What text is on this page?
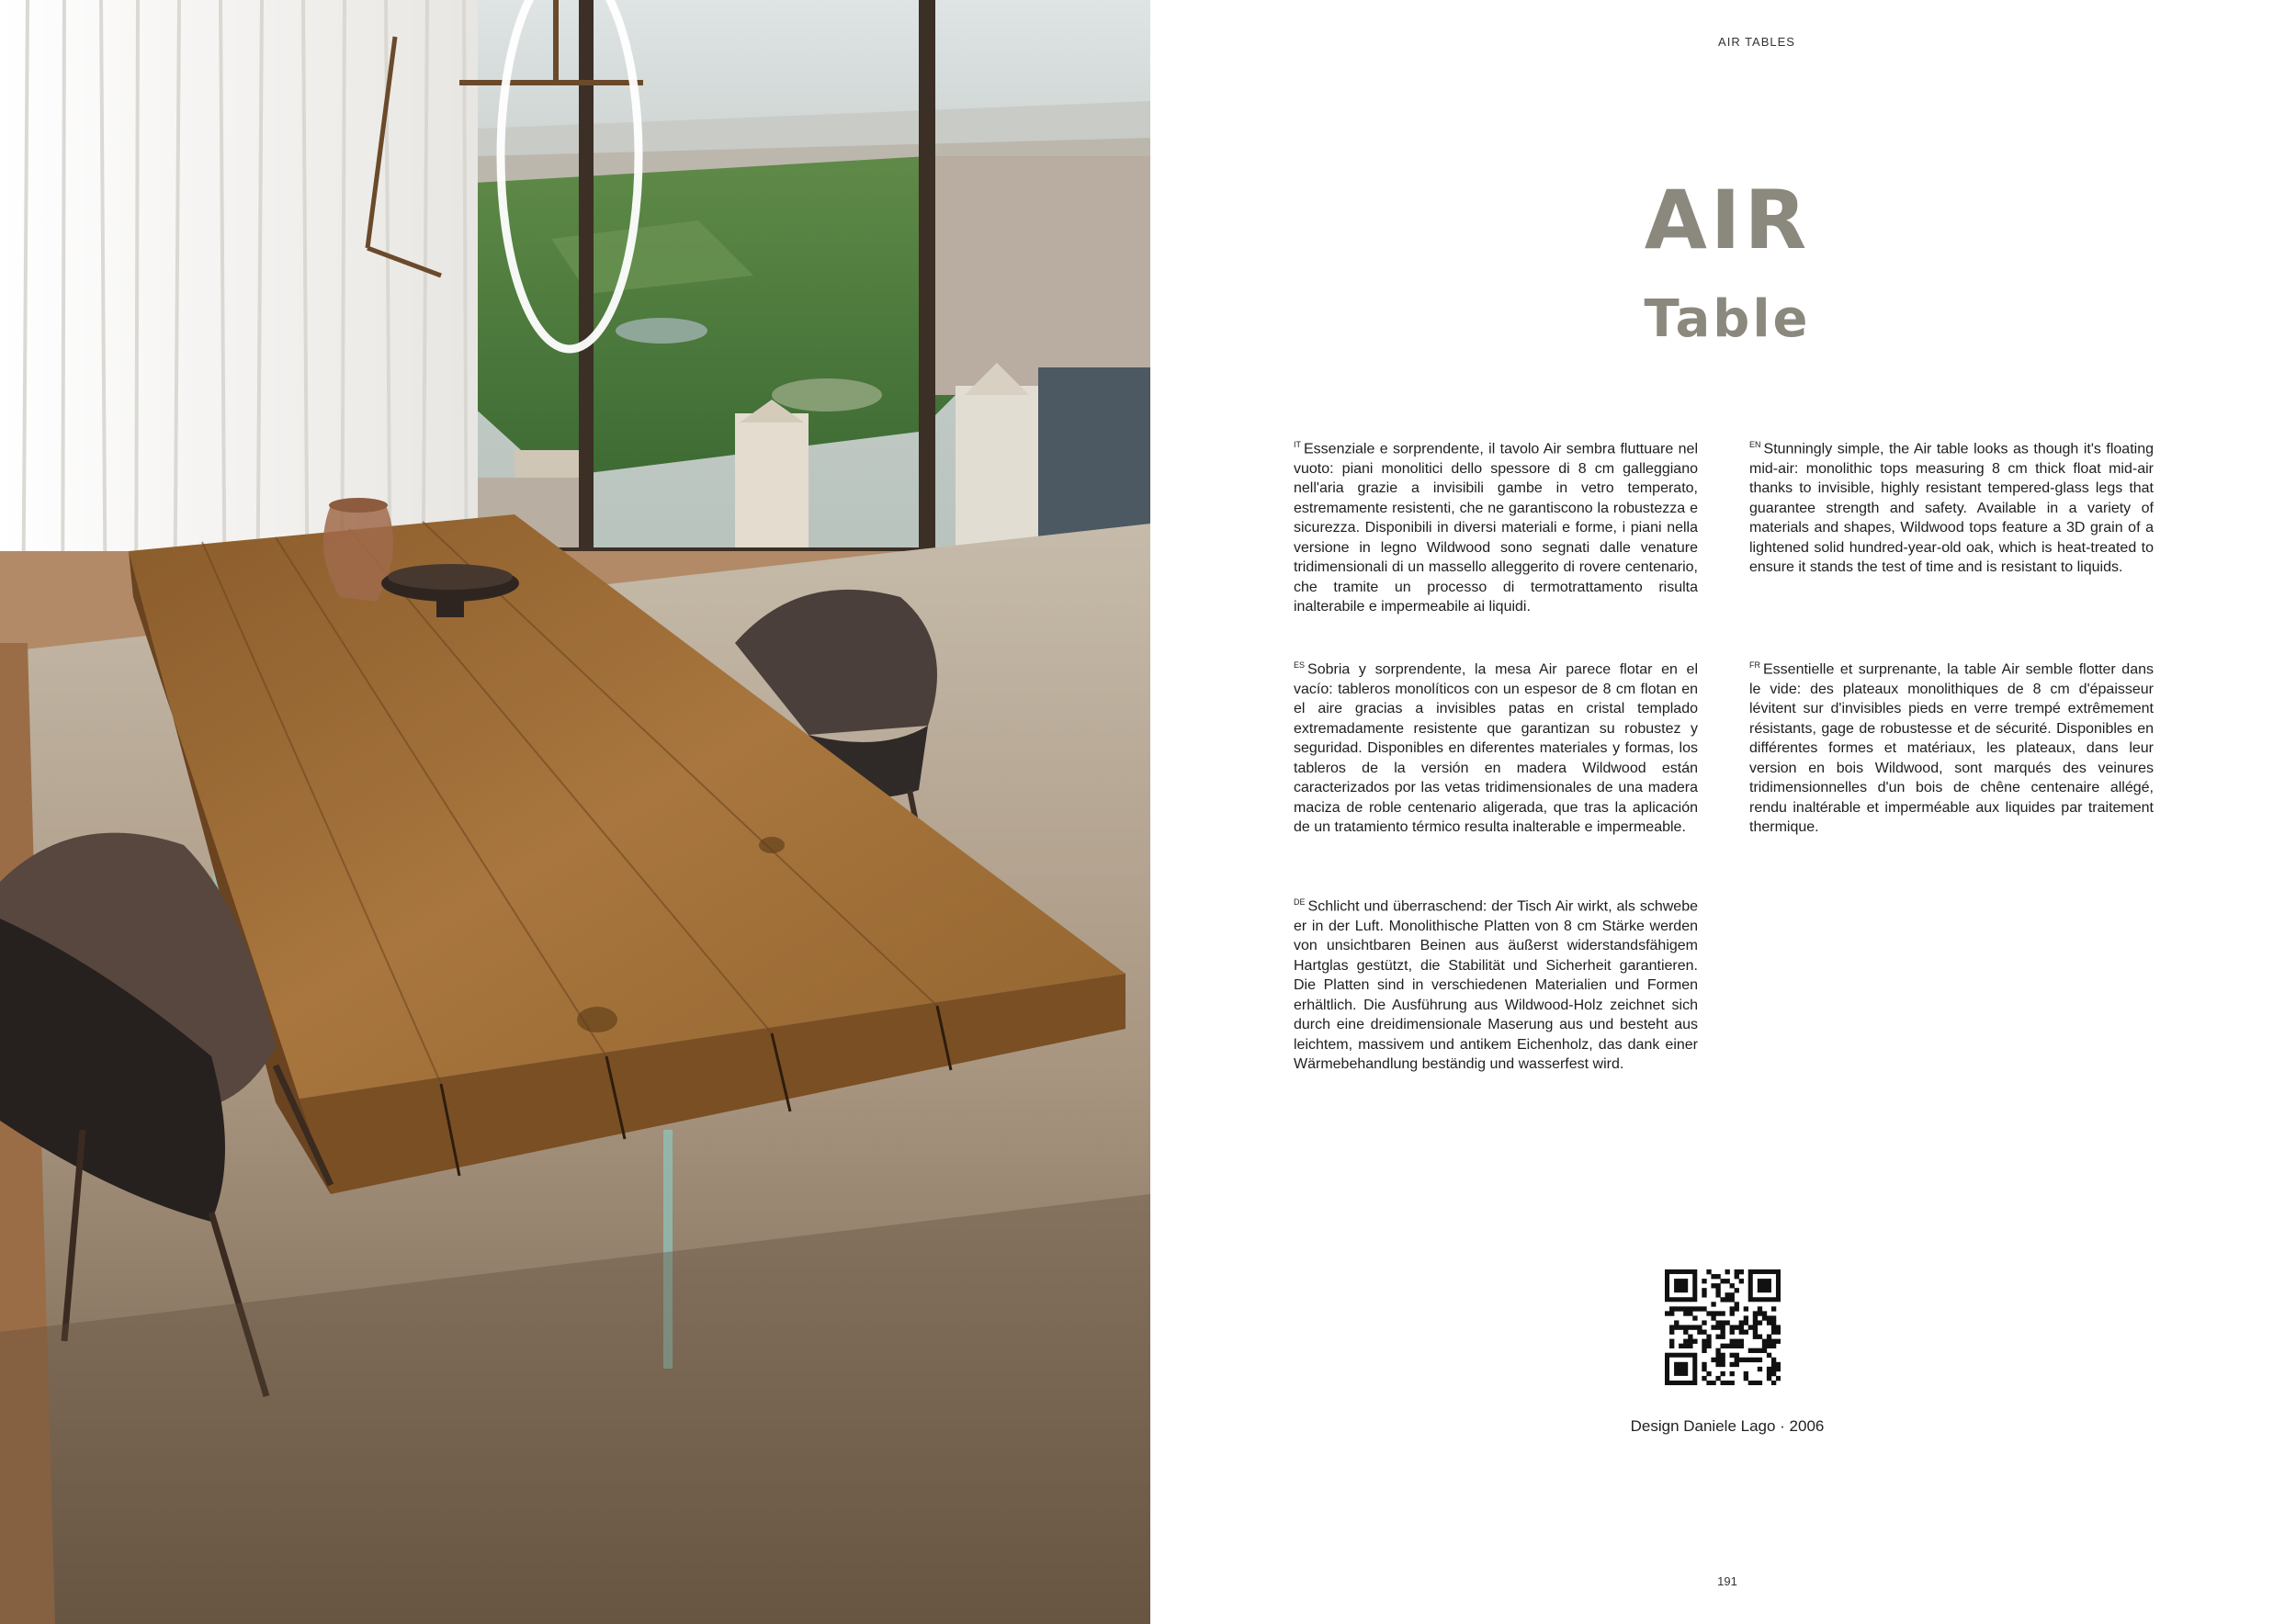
AIR TABLES
AIR
Table

$^{IT}$ Essenziale e sorprendente, il tavolo Air sembra fluttuare nel vuoto: piani monolitici dello spessore di 8 cm galleggiano nell'aria grazie a invisibili gambe in vetro temperato, estremamente resistenti, che ne garantiscono la robustezza e sicurezza. Disponibili in diversi materiali e forme, i piani nella versione in legno Wildwood sono segnati dalle venature tridimensionali di un massello alleggerito di rovere centenario, che tramite un processo di termotrattamento risulta inalterabile e impermeabile ai liquidi.

$^{EN}$ Stunningly simple, the Air table looks as though it's floating mid-air: monolithic tops measuring 8 cm thick float mid-air thanks to invisible, highly resistant tempered-glass legs that guarantee strength and safety. Available in a variety of materials and shapes, Wildwood tops feature a 3D grain of a lightened solid hundred-year-old oak, which is heat-treated to ensure it stands the test of time and is resistant to liquids.

$^{ES}$ Sobria y sorprendente, la mesa Air parece flotar en el vacío: tableros monolíticos con un espesor de 8 cm flotan en el aire gracias a invisibles patas en cristal templado extremadamente resistente que garantizan su robustez y seguridad. Disponibles en diferentes materiales y formas, los tableros de la versión en madera Wildwood están caracterizados por las vetas tridimensionales de una madera maciza de roble centenario aligerada, que tras la aplicación de un tratamiento térmico resulta inalterable e impermeable.

$^{FR}$ Essentielle et surprenante, la table Air semble flotter dans le vide: des plateaux monolithiques de 8 cm d'épaisseur lévitent sur d'invisibles pieds en verre trempé extrêmement résistants, gage de robustesse et de sécurité. Disponibles en différentes formes et matériaux, les plateaux, dans leur version en bois Wildwood, sont marqués des veinures tridimensionnelles d'un bois de chêne centenaire allégé, rendu inaltérable et imperméable aux liquides par traitement thermique.

$^{DE}$ Schlicht und überraschend: der Tisch Air wirkt, als schwebe er in der Luft. Monolithische Platten von 8 cm Stärke werden von unsichtbaren Beinen aus äußerst widerstandsfähigem Hartglas gestützt, die Stabilität und Sicherheit garantieren. Die Platten sind in verschiedenen Materialien und Formen erhältlich. Die Ausführung aus Wildwood-Holz zeichnet sich durch eine dreidimensionale Maserung aus und besteht aus leichtem, massivem und antikem Eichenholz, das dank einer Wärmebehandlung beständig und wasserfest wird.

Design Daniele Lago · 2006
191
